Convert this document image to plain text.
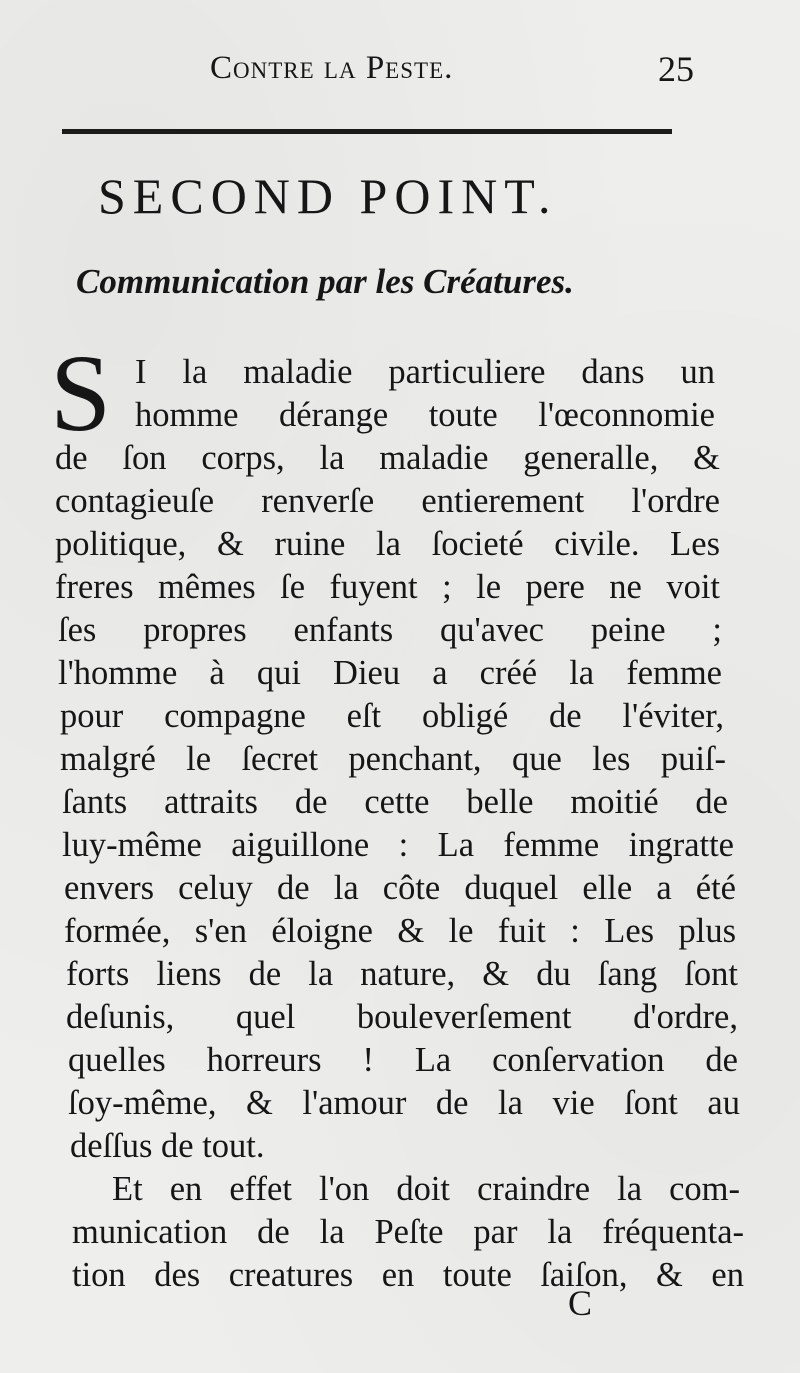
Contre la Peste.	25
SECOND POINT.
Communication par les Créatures.
S I la maladie particuliere dans un
homme dérange toute l'œconnomie
de ſon corps, la maladie generalle, &
contagieuſe renverſe entierement l'ordre
politique, & ruine la ſocieté civile. Les
freres mêmes ſe fuyent ; le pere ne voit
ſes propres enfants qu'avec peine ;
l'homme à qui Dieu a créé la femme
pour compagne eſt obligé de l'éviter,
malgré le ſecret penchant, que les puiſ-
ſants attraits de cette belle moitié de
luy-même aiguillone : La femme ingratte
envers celuy de la côte duquel elle a été
formée, s'en éloigne & le fuit : Les plus
forts liens de la nature, & du ſang ſont
deſunis, quel bouleverſement d'ordre,
quelles horreurs ! La conſervation de
ſoy-même, & l'amour de la vie ſont au
deſſus de tout.
Et en effet l'on doit craindre la com-
munication de la Peſte par la fréquenta-
tion des creatures en toute ſaiſon, & en
C
